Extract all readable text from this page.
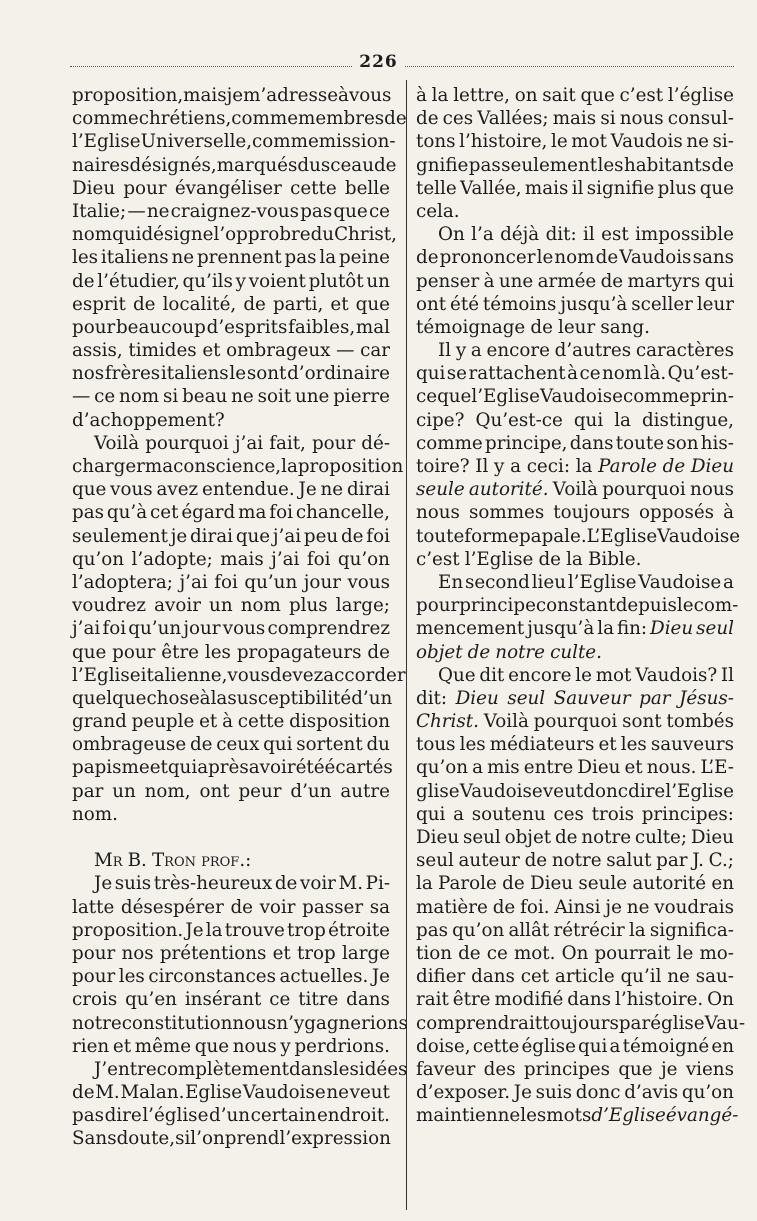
226
proposition, mais je m’adresse à vous
comme chrétiens, comme membres de
l’Eglise Universelle, comme mission-
naires désignés, marqués du sceau de
Dieu pour évangéliser cette belle
Italie; — ne craignez-vous pas que ce
nom qui désigne l’opprobre du Christ,
les italiens ne prennent pas la peine
de l’étudier, qu’ils y voient plutôt un
esprit de localité, de parti, et que
pour beaucoup d’esprits faibles, mal
assis, timides et ombrageux — car
nos frères italiens le sont d’ordinaire
— ce nom si beau ne soit une pierre
d’achoppement?
Voilà pourquoi j’ai fait, pour dé-
charger ma conscience, la proposition
que vous avez entendue. Je ne dirai
pas qu’à cet égard ma foi chancelle,
seulement je dirai que j’ai peu de foi
qu’on l’adopte; mais j’ai foi qu’on
l’adoptera; j’ai foi qu’un jour vous
voudrez avoir un nom plus large;
j’ai foi qu’un jour vous comprendrez
que pour être les propagateurs de
l’Eglise italienne, vous devez accorder
quelque chose à la susceptibilité d’un
grand peuple et à cette disposition
ombrageuse de ceux qui sortent du
papisme et qui après avoir été écartés
par un nom, ont peur d’un autre
nom.
Mr B. Tron prof.:
Je suis très-heureux de voir M. Pi-
latte désespérer de voir passer sa
proposition. Je la trouve trop étroite
pour nos prétentions et trop large
pour les circonstances actuelles. Je
crois qu’en insérant ce titre dans
notre constitution nous n’y gagnerions
rien et même que nous y perdrions.
J’entre complètement dans les idées
de M. Malan. Eglise Vaudoise ne veut
pas dire l’église d’un certain endroit.
Sans doute, si l’on prend l’expression
à la lettre, on sait que c’est l’église
de ces Vallées; mais si nous consul-
tons l’histoire, le mot Vaudois ne si-
gnifie pas seulement les habitants de
telle Vallée, mais il signifie plus que
cela.
On l’a déjà dit: il est impossible
de prononcer le nom de Vaudois sans
penser à une armée de martyrs qui
ont été témoins jusqu’à sceller leur
témoignage de leur sang.
Il y a encore d’autres caractères
qui se rattachent à ce nom là. Qu’est-
ce que l’Eglise Vaudoise comme prin-
cipe? Qu’est-ce qui la distingue,
comme principe, dans toute son his-
toire? Il y a ceci: la Parole de Dieu
seule autorité. Voilà pourquoi nous
nous sommes toujours opposés à
toute forme papale. L’Eglise Vaudoise
c’est l’Eglise de la Bible.
En second lieu l’Eglise Vaudoise a
pour principe constant depuis le com-
mencement jusqu’à la fin: Dieu seul
objet de notre culte.
Que dit encore le mot Vaudois? Il
dit: Dieu seul Sauveur par Jésus-
Christ. Voilà pourquoi sont tombés
tous les médiateurs et les sauveurs
qu’on a mis entre Dieu et nous. L’E-
glise Vaudoise veut donc dire l’Eglise
qui a soutenu ces trois principes:
Dieu seul objet de notre culte; Dieu
seul auteur de notre salut par J. C.;
la Parole de Dieu seule autorité en
matière de foi. Ainsi je ne voudrais
pas qu’on allât rétrécir la significa-
tion de ce mot. On pourrait le mo-
difier dans cet article qu’il ne sau-
rait être modifié dans l’histoire. On
comprendrait toujours par église Vau-
doise, cette église qui a témoigné en
faveur des principes que je viens
d’exposer. Je suis donc d’avis qu’on
maintienne les mots d’Eglise évangé-
